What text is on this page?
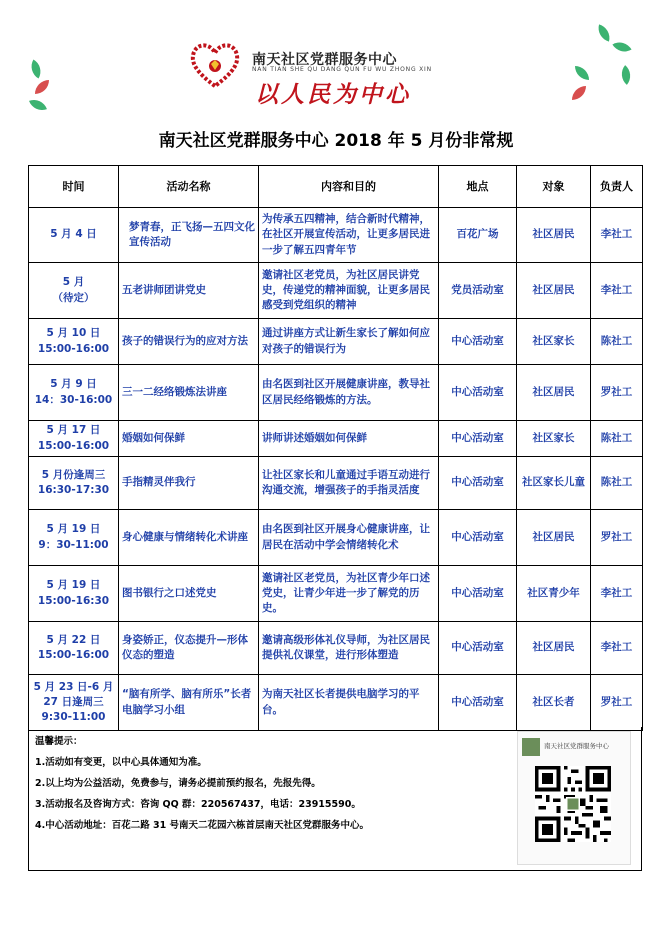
南天社区党群服务中心
NAN TIAN SHE QU DANG QUN FU WU ZHONG XIN
以人民为中心
南天社区党群服务中心 2018 年 5 月份非常规
时间	活动名称	内容和目的	地点	对象	负责人

5 月 4 日	梦青春，正飞扬—五四文化宣传活动	为传承五四精神，结合新时代精神，在社区开展宣传活动，让更多居民进一步了解五四青年节	百花广场	社区居民	李社工

5 月
（待定）	五老讲师团讲党史	邀请社区老党员，为社区居民讲党史，传递党的精神面貌，让更多居民感受到党组织的精神	党员活动室	社区居民	李社工

5 月 10 日
15:00-16:00	孩子的错误行为的应对方法	通过讲座方式让新生家长了解如何应对孩子的错误行为	中心活动室	社区家长	陈社工

5 月 9 日
14：30-16:00	三一二经络锻炼法讲座	由名医到社区开展健康讲座，教导社区居民经络锻炼的方法。	中心活动室	社区居民	罗社工

5 月 17 日
15:00-16:00	婚姻如何保鲜	讲师讲述婚姻如何保鲜	中心活动室	社区家长	陈社工

5 月份逢周三
16:30-17:30	手指精灵伴我行	让社区家长和儿童通过手语互动进行沟通交流，增强孩子的手指灵活度	中心活动室	社区家长儿童	陈社工

5 月 19 日
9：30-11:00	身心健康与情绪转化术讲座	由名医到社区开展身心健康讲座，让居民在活动中学会情绪转化术	中心活动室	社区居民	罗社工

5 月 19 日
15:00-16:30	图书银行之口述党史	邀请社区老党员，为社区青少年口述党史，让青少年进一步了解党的历史。	中心活动室	社区青少年	李社工

5 月 22 日
15:00-16:00	身姿娇正，仪态提升—形体仪态的塑造	邀请高级形体礼仪导师，为社区居民提供礼仪课堂，进行形体塑造	中心活动室	社区居民	李社工

5 月 23 日-6 月
27 日逢周三
9:30-11:00	“脑有所学、脑有所乐”长者电脑学习小组	为南天社区长者提供电脑学习的平台。	中心活动室	社区长者	罗社工
温馨提示：
1.活动如有变更，以中心具体通知为准。
2.以上均为公益活动，免费参与，请务必提前预约报名，先报先得。
3.活动报名及咨询方式：咨询 QQ 群：220567437，电话：23915590。
4.中心活动地址：百花二路 31 号南天二花园六栋首层南天社区党群服务中心。
南天社区党群服务中心
